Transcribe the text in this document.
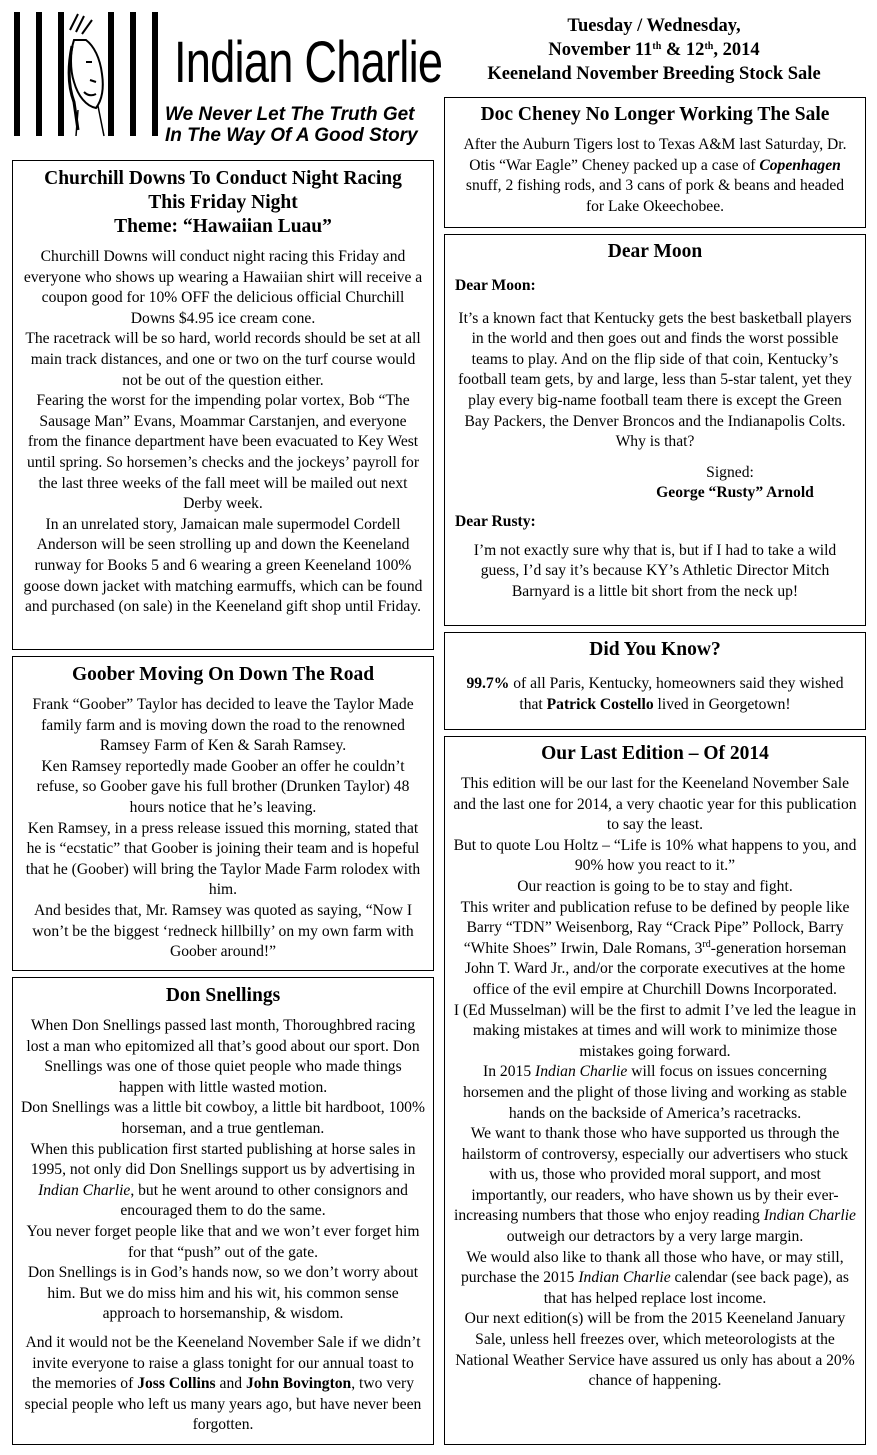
Indian Charlie
We Never Let The Truth Get
In The Way Of A Good Story
Tuesday / Wednesday,
November 11th & 12th, 2014
Keeneland November Breeding Stock Sale
Churchill Downs To Conduct Night Racing
This Friday Night
Theme: “Hawaiian Luau”

Churchill Downs will conduct night racing this Friday and everyone who shows up wearing a Hawaiian shirt will receive a coupon good for 10% OFF the delicious official Churchill Downs $4.95 ice cream cone.

The racetrack will be so hard, world records should be set at all main track distances, and one or two on the turf course would not be out of the question either.

Fearing the worst for the impending polar vortex, Bob “The Sausage Man” Evans, Moammar Carstanjen, and everyone from the finance department have been evacuated to Key West until spring. So horsemen’s checks and the jockeys’ payroll for the last three weeks of the fall meet will be mailed out next Derby week.

In an unrelated story, Jamaican male supermodel Cordell Anderson will be seen strolling up and down the Keeneland runway for Books 5 and 6 wearing a green Keeneland 100% goose down jacket with matching earmuffs, which can be found and purchased (on sale) in the Keeneland gift shop until Friday.

Goober Moving On Down The Road

Frank “Goober” Taylor has decided to leave the Taylor Made family farm and is moving down the road to the renowned Ramsey Farm of Ken & Sarah Ramsey.

Ken Ramsey reportedly made Goober an offer he couldn’t refuse, so Goober gave his full brother (Drunken Taylor) 48 hours notice that he’s leaving.

Ken Ramsey, in a press release issued this morning, stated that he is “ecstatic” that Goober is joining their team and is hopeful that he (Goober) will bring the Taylor Made Farm rolodex with him.

And besides that, Mr. Ramsey was quoted as saying, “Now I won’t be the biggest ‘redneck hillbilly’ on my own farm with Goober around!”

Don Snellings

When Don Snellings passed last month, Thoroughbred racing lost a man who epitomized all that’s good about our sport. Don Snellings was one of those quiet people who made things happen with little wasted motion.

Don Snellings was a little bit cowboy, a little bit hardboot, 100% horseman, and a true gentleman.

When this publication first started publishing at horse sales in 1995, not only did Don Snellings support us by advertising in Indian Charlie, but he went around to other consignors and encouraged them to do the same.

You never forget people like that and we won’t ever forget him for that “push” out of the gate.

Don Snellings is in God’s hands now, so we don’t worry about him. But we do miss him and his wit, his common sense approach to horsemanship, & wisdom.

And it would not be the Keeneland November Sale if we didn’t invite everyone to raise a glass tonight for our annual toast to the memories of Joss Collins and John Bovington, two very special people who left us many years ago, but have never been forgotten.

Doc Cheney No Longer Working The Sale

After the Auburn Tigers lost to Texas A&M last Saturday, Dr. Otis “War Eagle” Cheney packed up a case of Copenhagen snuff, 2 fishing rods, and 3 cans of pork & beans and headed for Lake Okeechobee.

Dear Moon

Dear Moon:

It’s a known fact that Kentucky gets the best basketball players in the world and then goes out and finds the worst possible teams to play. And on the flip side of that coin, Kentucky’s football team gets, by and large, less than 5-star talent, yet they play every big-name football team there is except the Green Bay Packers, the Denver Broncos and the Indianapolis Colts.

Why is that?

Signed:

George “Rusty” Arnold

Dear Rusty:

I’m not exactly sure why that is, but if I had to take a wild guess, I’d say it’s because KY’s Athletic Director Mitch Barnyard is a little bit short from the neck up!

Did You Know?

99.7% of all Paris, Kentucky, homeowners said they wished that Patrick Costello lived in Georgetown!

Our Last Edition – Of 2014

This edition will be our last for the Keeneland November Sale and the last one for 2014, a very chaotic year for this publication to say the least.

But to quote Lou Holtz – “Life is 10% what happens to you, and 90% how you react to it.”

Our reaction is going to be to stay and fight.

This writer and publication refuse to be defined by people like Barry “TDN” Weisenborg, Ray “Crack Pipe” Pollock, Barry “White Shoes” Irwin, Dale Romans, 3rd-generation horseman John T. Ward Jr., and/or the corporate executives at the home office of the evil empire at Churchill Downs Incorporated.

I (Ed Musselman) will be the first to admit I’ve led the league in making mistakes at times and will work to minimize those mistakes going forward.

In 2015 Indian Charlie will focus on issues concerning horsemen and the plight of those living and working as stable hands on the backside of America’s racetracks.

We want to thank those who have supported us through the hailstorm of controversy, especially our advertisers who stuck with us, those who provided moral support, and most importantly, our readers, who have shown us by their ever-increasing numbers that those who enjoy reading Indian Charlie outweigh our detractors by a very large margin.

We would also like to thank all those who have, or may still, purchase the 2015 Indian Charlie calendar (see back page), as that has helped replace lost income.

Our next edition(s) will be from the 2015 Keeneland January Sale, unless hell freezes over, which meteorologists at the National Weather Service have assured us only has about a 20% chance of happening.
